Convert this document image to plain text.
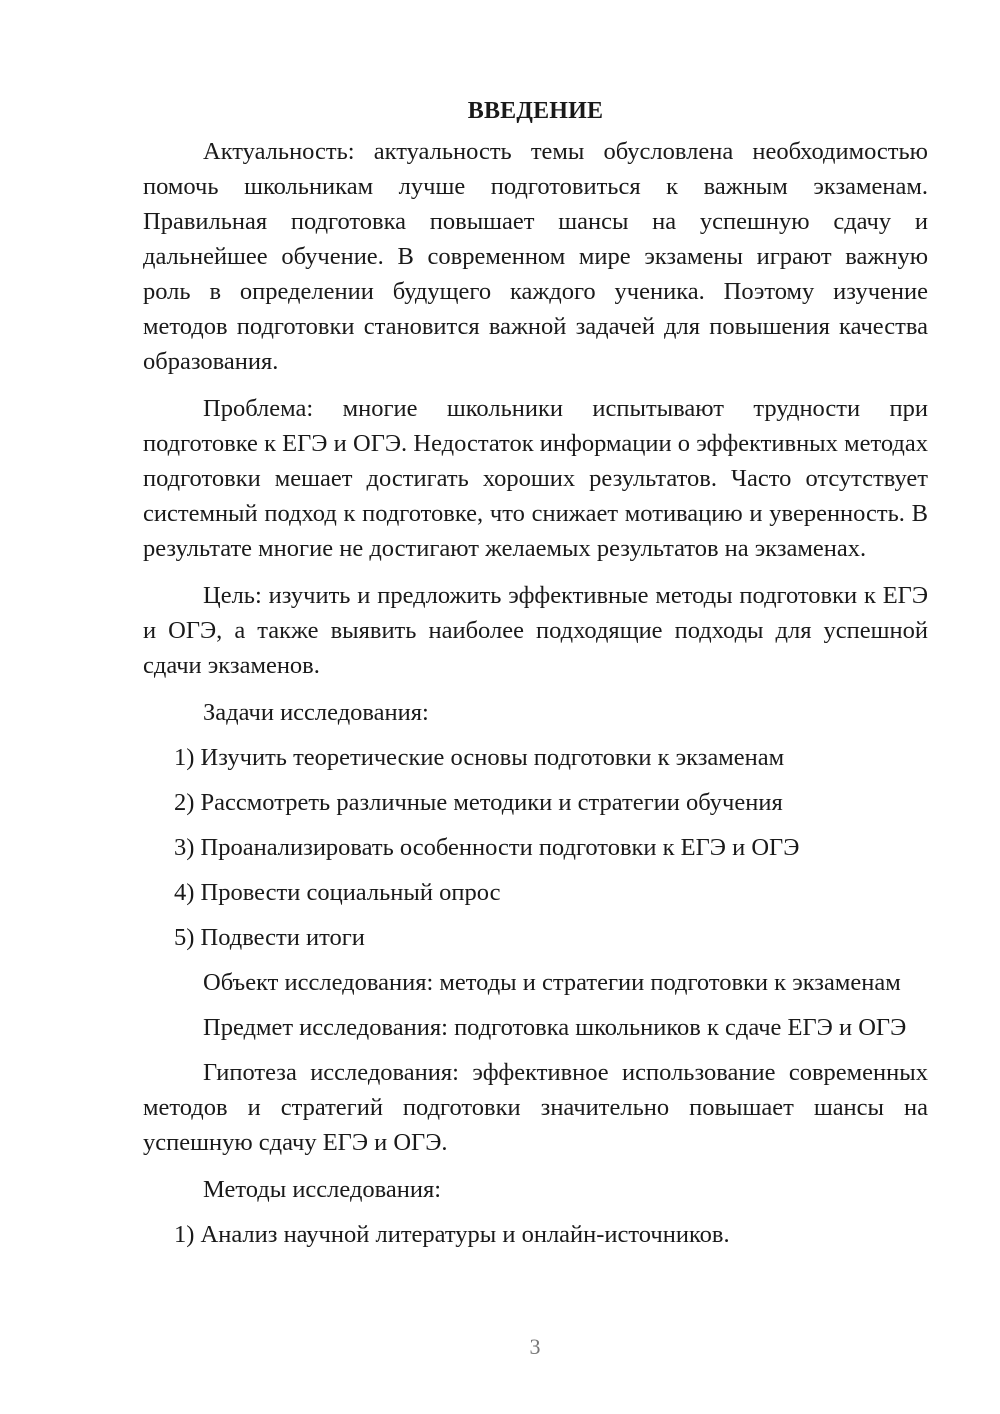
ВВЕДЕНИЕ

Актуальность: актуальность темы обусловлена необходимостью помочь школьникам лучше подготовиться к важным экзаменам. Правильная подготовка повышает шансы на успешную сдачу и дальнейшее обучение. В современном мире экзамены играют важную роль в определении будущего каждого ученика. Поэтому изучение методов подготовки становится важной задачей для повышения качества образования.

Проблема: многие школьники испытывают трудности при подготовке к ЕГЭ и ОГЭ. Недостаток информации о эффективных методах подготовки мешает достигать хороших результатов. Часто отсутствует системный подход к подготовке, что снижает мотивацию и уверенность. В результате многие не достигают желаемых результатов на экзаменах.

Цель: изучить и предложить эффективные методы подготовки к ЕГЭ и ОГЭ, а также выявить наиболее подходящие подходы для успешной сдачи экзаменов.

Задачи исследования:

1) Изучить теоретические основы подготовки к экзаменам
2) Рассмотреть различные методики и стратегии обучения
3) Проанализировать особенности подготовки к ЕГЭ и ОГЭ
4) Провести социальный опрос
5) Подвести итоги

Объект исследования: методы и стратегии подготовки к экзаменам

Предмет исследования: подготовка школьников к сдаче ЕГЭ и ОГЭ

Гипотеза исследования: эффективное использование современных методов и стратегий подготовки значительно повышает шансы на успешную сдачу ЕГЭ и ОГЭ.

Методы исследования:

1) Анализ научной литературы и онлайн-источников.
3
